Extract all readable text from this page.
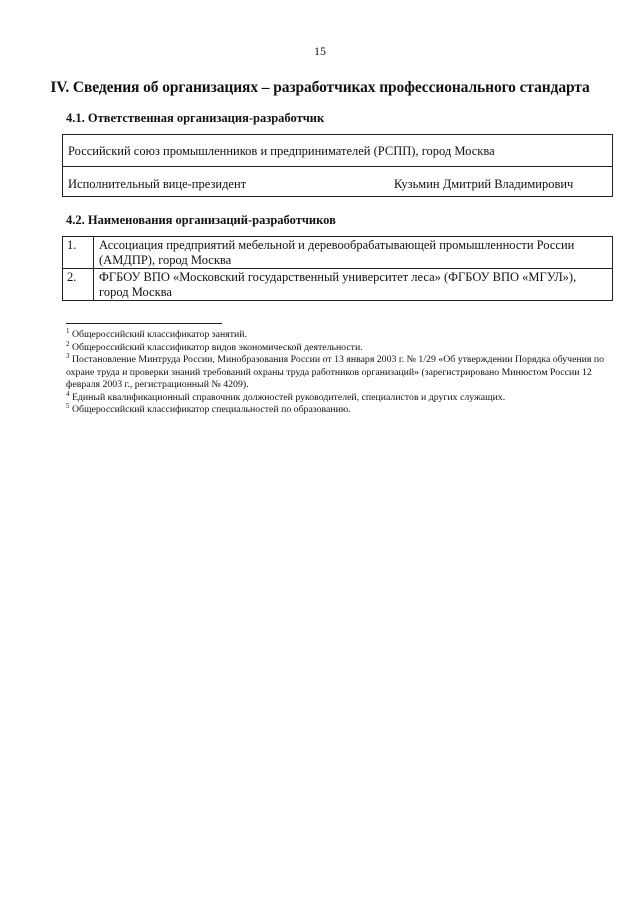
15
IV. Сведения об организациях – разработчиках профессионального стандарта
4.1. Ответственная организация-разработчик
Российский союз промышленников и предпринимателей (РСПП), город Москва
Исполнительный вице-президент	Кузьмин Дмитрий Владимирович
4.2. Наименования организаций-разработчиков
1.	Ассоциация предприятий мебельной и деревообрабатывающей промышленности России (АМДПР), город Москва
2.	ФГБОУ ВПО «Московский государственный университет леса» (ФГБОУ ВПО «МГУЛ»), город Москва

$^1$ Общероссийский классификатор занятий.

$^2$ Общероссийский классификатор видов экономической деятельности.

$^3$ Постановление Минтруда России, Минобразования России от 13 января 2003 г. № 1/29 «Об утверждении Порядка обучения по охране труда и проверки знаний требований охраны труда работников организаций» (зарегистрировано Минюстом России 12 февраля 2003 г., регистрационный № 4209).

$^4$ Единый квалификационный справочник должностей руководителей, специалистов и других служащих.

$^5$ Общероссийский классификатор специальностей по образованию.
